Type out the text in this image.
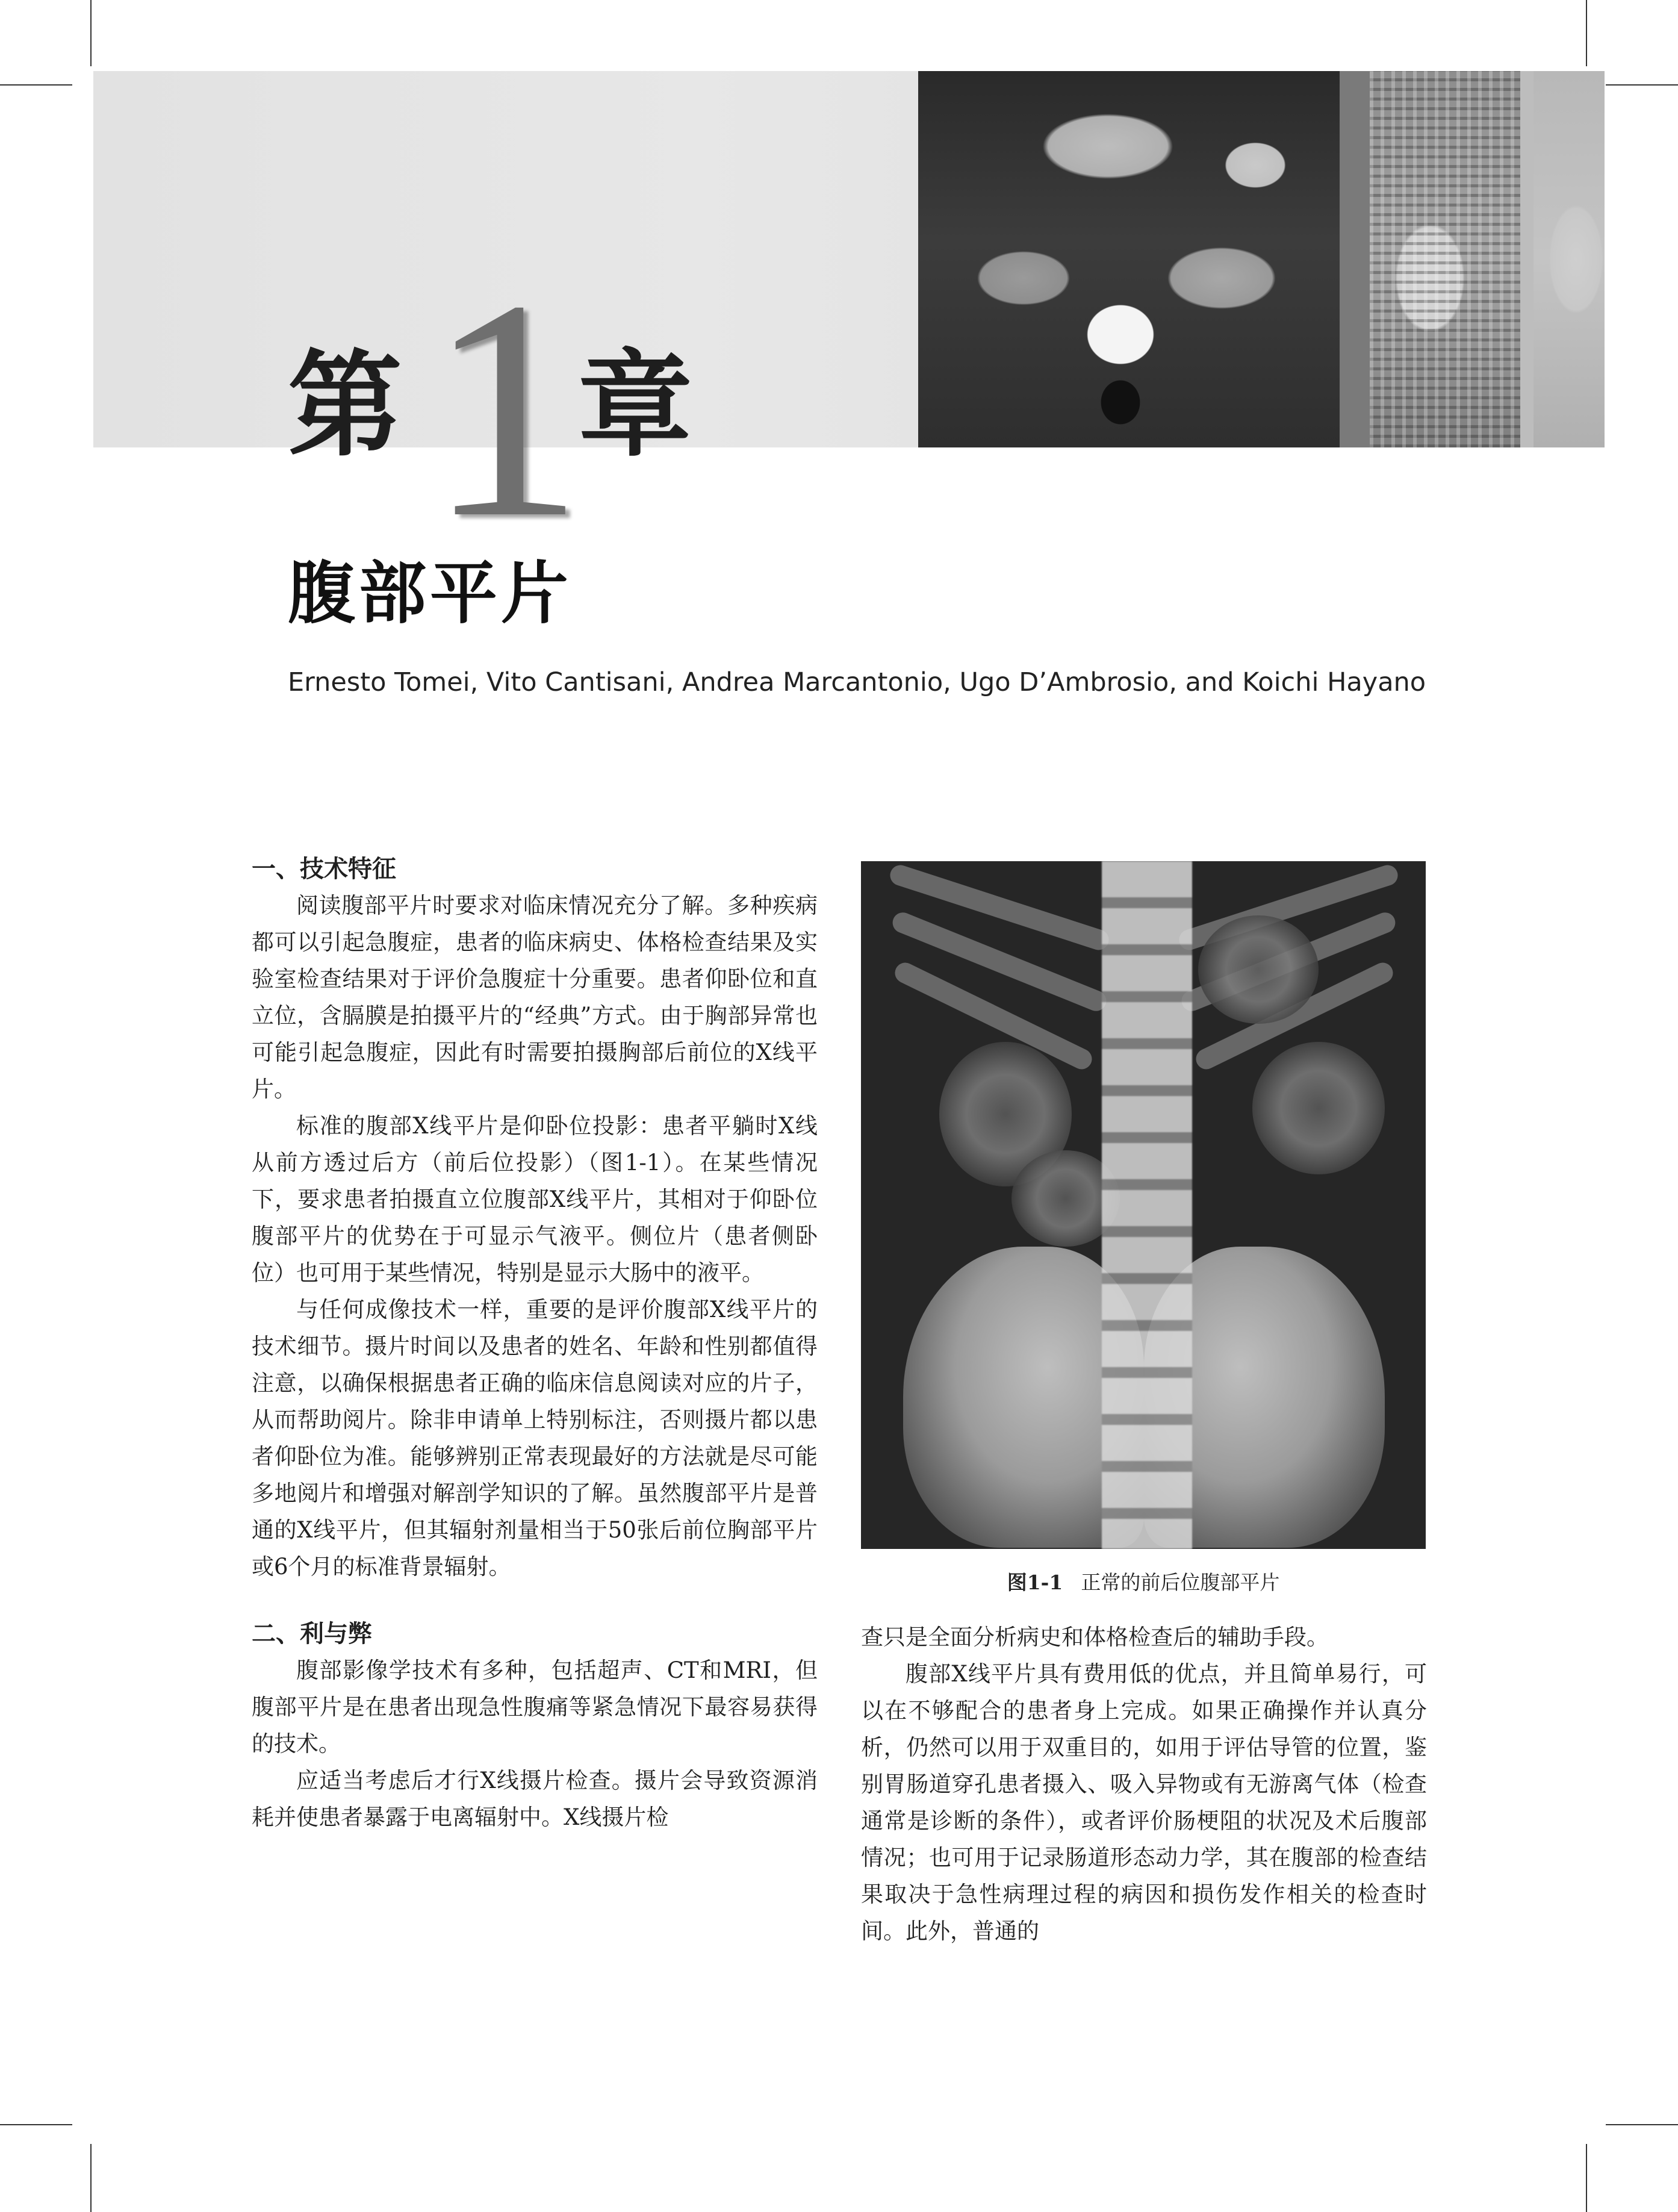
第 1
章
腹部平片
Ernesto Tomei, Vito Cantisani, Andrea Marcantonio, Ugo D’Ambrosio, and Koichi Hayano
一、技术特征

阅读腹部平片时要求对临床情况充分了解。多种疾病都可以引起急腹症，患者的临床病史、体格检查结果及实验室检查结果对于评价急腹症十分重要。患者仰卧位和直立位，含膈膜是拍摄平片的“经典”方式。由于胸部异常也可能引起急腹症，因此有时需要拍摄胸部后前位的X线平片。

标准的腹部X线平片是仰卧位投影：患者平躺时X线从前方透过后方（前后位投影）（图1-1）。在某些情况下，要求患者拍摄直立位腹部X线平片，其相对于仰卧位腹部平片的优势在于可显示气液平。侧位片（患者侧卧位）也可用于某些情况，特别是显示大肠中的液平。

与任何成像技术一样，重要的是评价腹部X线平片的技术细节。摄片时间以及患者的姓名、年龄和性别都值得注意，以确保根据患者正确的临床信息阅读对应的片子，从而帮助阅片。除非申请单上特别标注，否则摄片都以患者仰卧位为准。能够辨别正常表现最好的方法就是尽可能多地阅片和增强对解剖学知识的了解。虽然腹部平片是普通的X线平片，但其辐射剂量相当于50张后前位胸部平片或6个月的标准背景辐射。

二、利与弊

腹部影像学技术有多种，包括超声、CT和MRI，但腹部平片是在患者出现急性腹痛等紧急情况下最容易获得的技术。

应适当考虑后才行X线摄片检查。摄片会导致资源消耗并使患者暴露于电离辐射中。X线摄片检

图1-1 正常的前后位腹部平片

查只是全面分析病史和体格检查后的辅助手段。

腹部X线平片具有费用低的优点，并且简单易行，可以在不够配合的患者身上完成。如果正确操作并认真分析，仍然可以用于双重目的，如用于评估导管的位置，鉴别胃肠道穿孔患者摄入、吸入异物或有无游离气体（检查通常是诊断的条件），或者评价肠梗阻的状况及术后腹部情况；也可用于记录肠道形态动力学，其在腹部的检查结果取决于急性病理过程的病因和损伤发作相关的检查时间。此外，普通的
